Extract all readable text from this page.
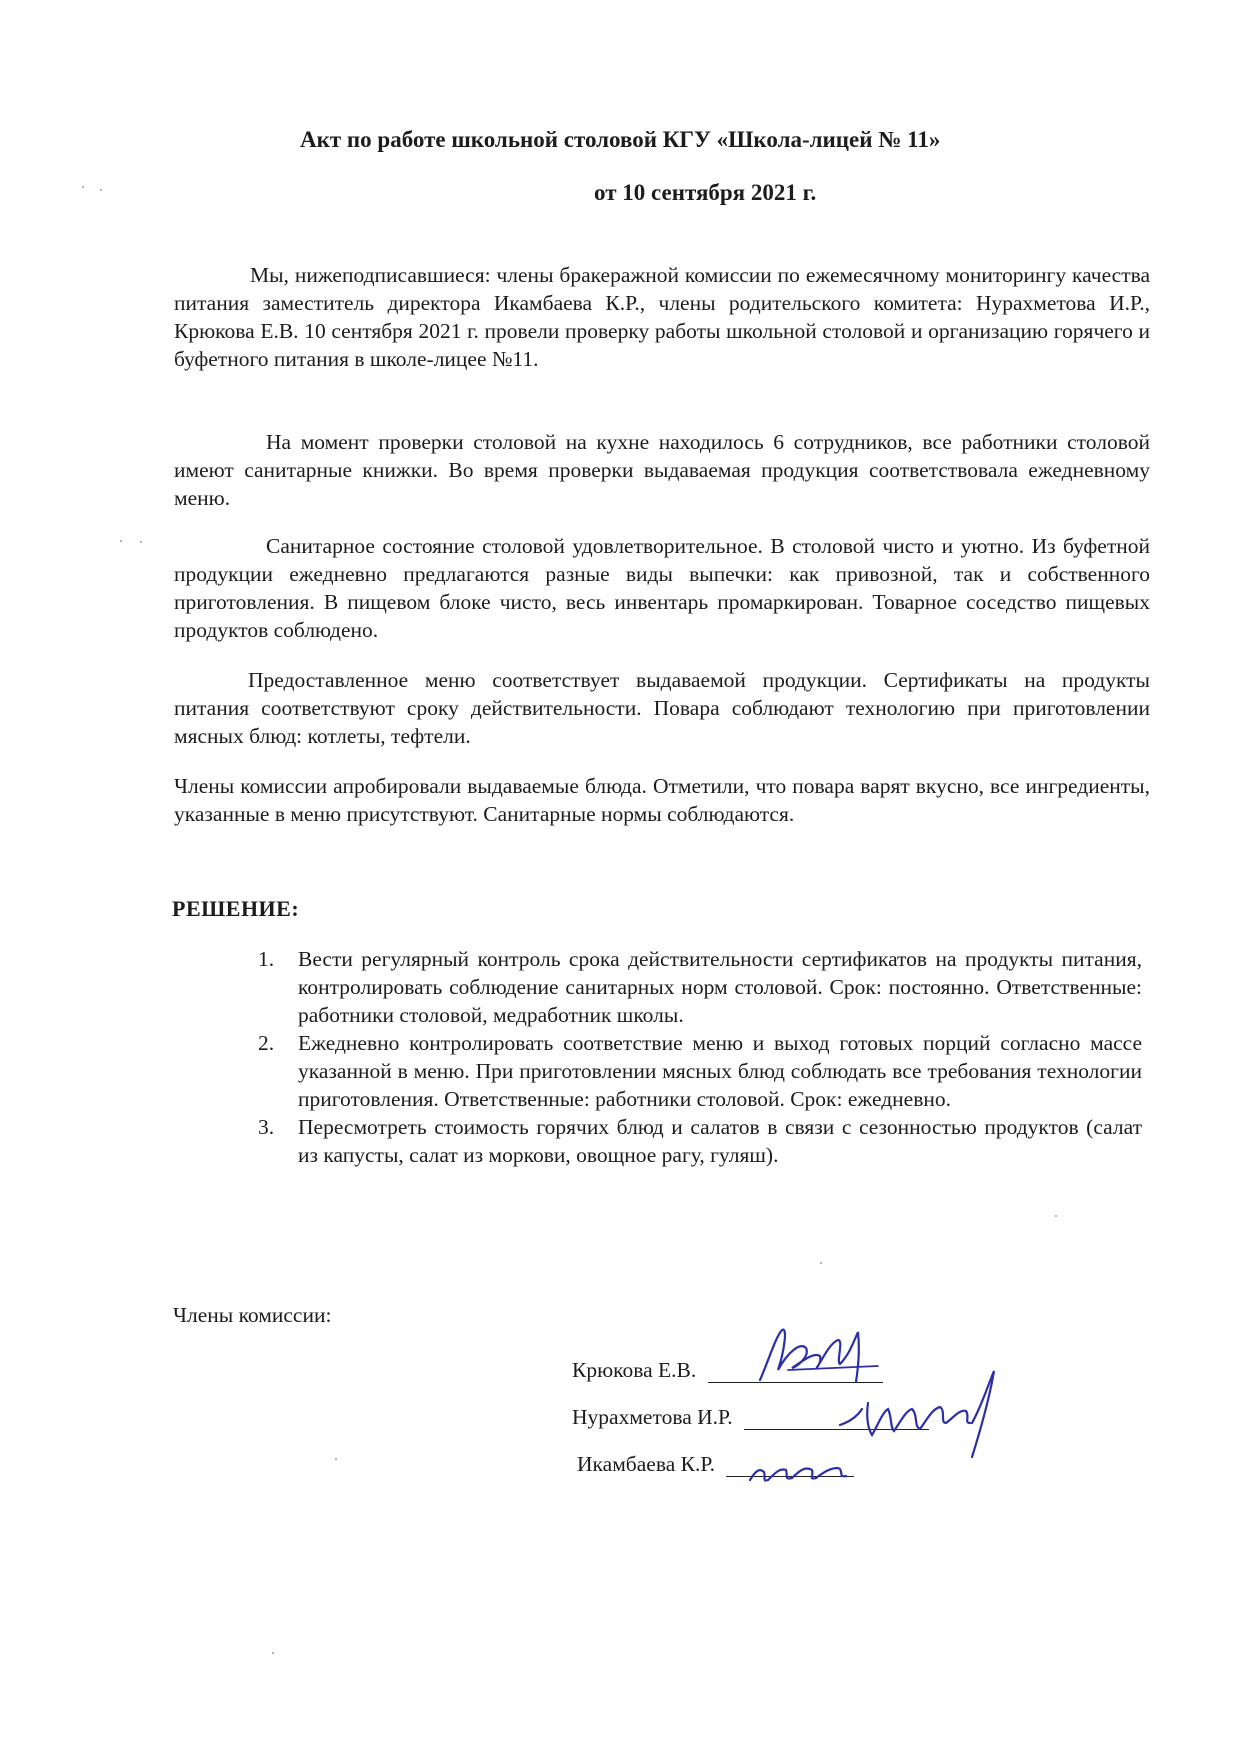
Акт по работе школьной столовой КГУ «Школа-лицей № 11»
от 10 сентября 2021 г.

Мы, нижеподписавшиеся: члены бракеражной комиссии по ежемесячному мониторингу качества питания заместитель директора Икамбаева К.Р., члены родительского комитета: Нурахметова И.Р., Крюкова Е.В. 10 сентября 2021 г. провели проверку работы школьной столовой и организацию горячего и буфетного питания в школе-лицее №11.

На момент проверки столовой на кухне находилось 6 сотрудников, все работники столовой имеют санитарные книжки. Во время проверки выдаваемая продукция соответствовала ежедневному меню.

Санитарное состояние столовой удовлетворительное. В столовой чисто и уютно. Из буфетной продукции ежедневно предлагаются разные виды выпечки: как привозной, так и собственного приготовления. В пищевом блоке чисто, весь инвентарь промаркирован. Товарное соседство пищевых продуктов соблюдено.

Предоставленное меню соответствует выдаваемой продукции. Сертификаты на продукты питания соответствуют сроку действительности. Повара соблюдают технологию при приготовлении мясных блюд: котлеты, тефтели.

Члены комиссии апробировали выдаваемые блюда. Отметили, что повара варят вкусно, все ингредиенты, указанные в меню присутствуют. Санитарные нормы соблюдаются.

РЕШЕНИЕ:
1. Вести регулярный контроль срока действительности сертификатов на продукты питания, контролировать соблюдение санитарных норм столовой. Срок: постоянно. Ответственные: работники столовой, медработник школы.
2. Ежедневно контролировать соответствие меню и выход готовых порций согласно массе указанной в меню. При приготовлении мясных блюд соблюдать все требования технологии приготовления. Ответственные: работники столовой. Срок: ежедневно.
3. Пересмотреть стоимость горячих блюд и салатов в связи с сезонностью продуктов (салат из капусты, салат из моркови, овощное рагу, гуляш).
Члены комиссии:
Крюкова Е.В.
Нурахметова И.Р.
Икамбаева К.Р.
